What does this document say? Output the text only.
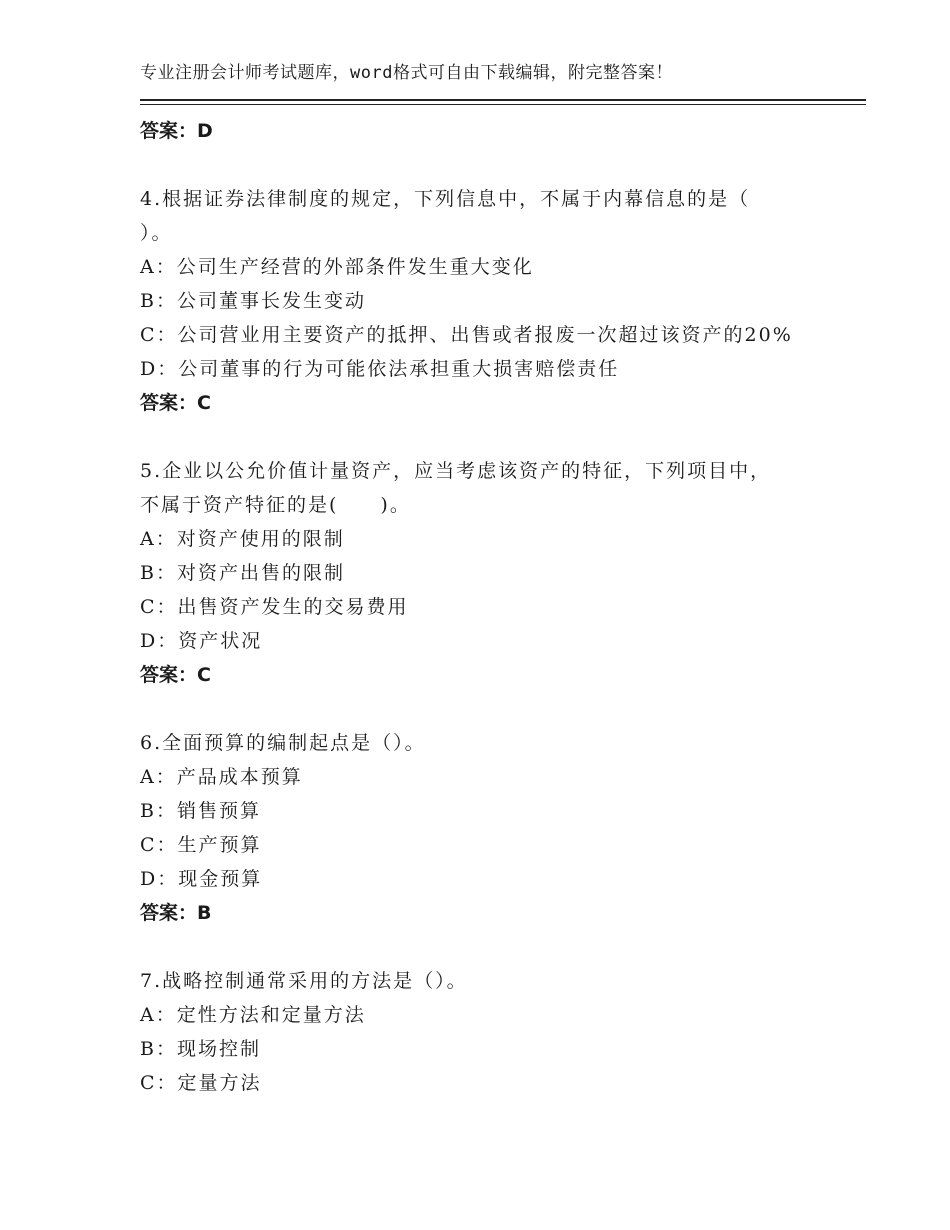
专业注册会计师考试题库，word格式可自由下载编辑，附完整答案！
答案：D
4.根据证券法律制度的规定，下列信息中，不属于内幕信息的是（
）。
A：公司生产经营的外部条件发生重大变化
B：公司董事长发生变动
C：公司营业用主要资产的抵押、出售或者报废一次超过该资产的20%
D：公司董事的行为可能依法承担重大损害赔偿责任
答案：C
5.企业以公允价值计量资产，应当考虑该资产的特征，下列项目中，
不属于资产特征的是(　　)。
A：对资产使用的限制
B：对资产出售的限制
C：出售资产发生的交易费用
D：资产状况
答案：C
6.全面预算的编制起点是（）。
A：产品成本预算
B：销售预算
C：生产预算
D：现金预算
答案：B
7.战略控制通常采用的方法是（）。
A：定性方法和定量方法
B：现场控制
C：定量方法
